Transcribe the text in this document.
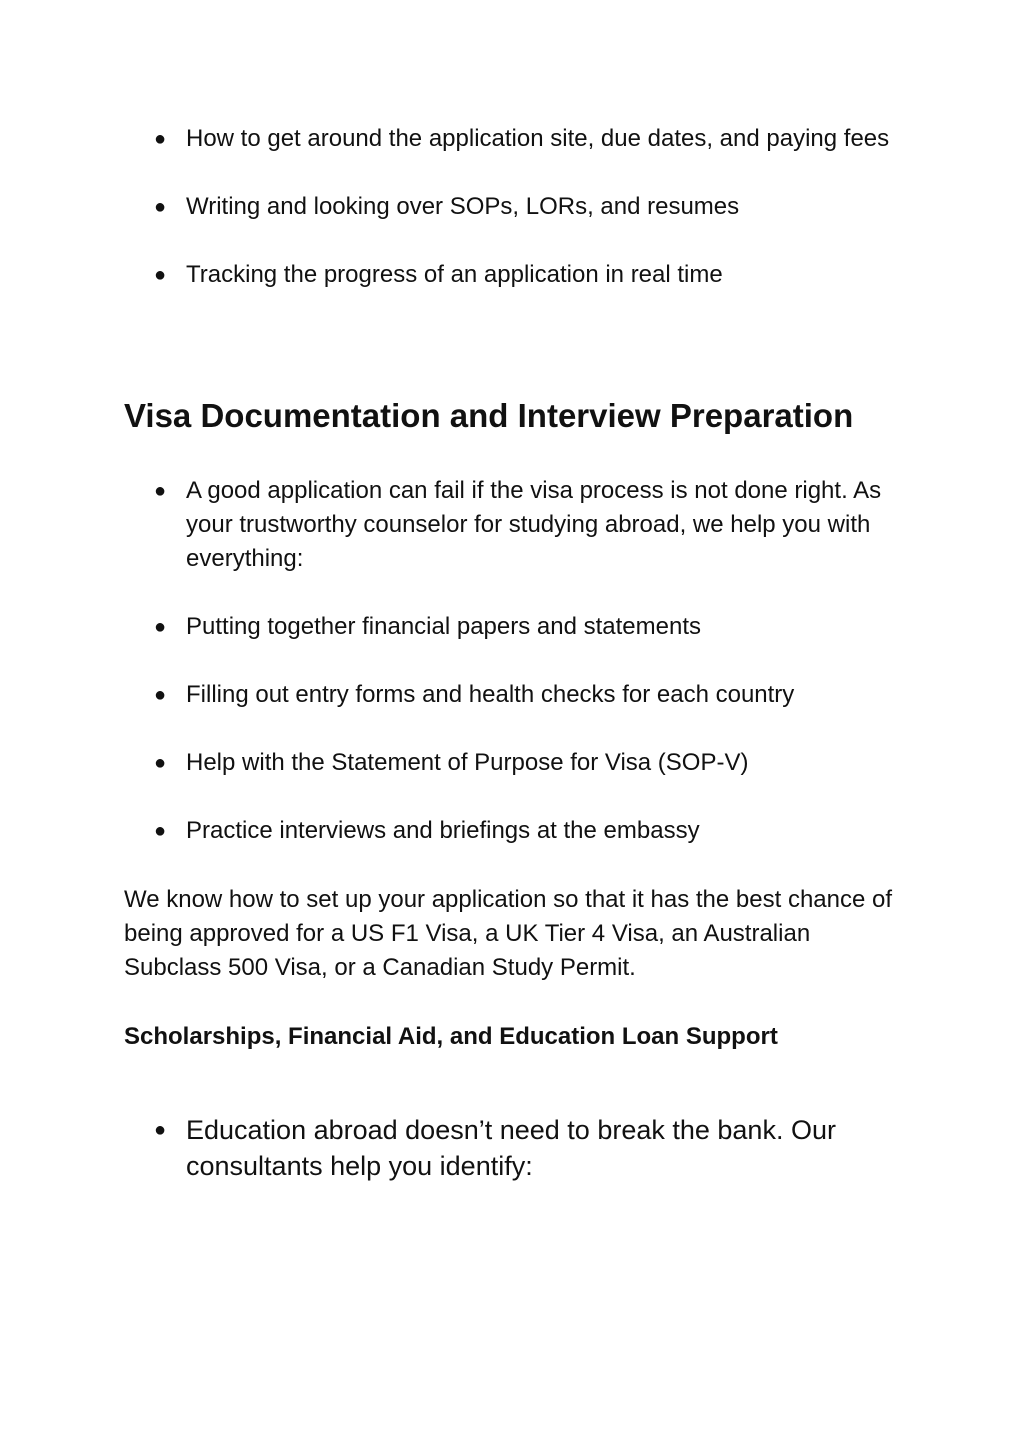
● How to get around the application site, due dates, and paying fees
● Writing and looking over SOPs, LORs, and resumes
● Tracking the progress of an application in real time
Visa Documentation and Interview Preparation
● A good application can fail if the visa process is not done right. As your trustworthy counselor for studying abroad, we help you with everything:
● Putting together financial papers and statements
● Filling out entry forms and health checks for each country
● Help with the Statement of Purpose for Visa (SOP-V)
● Practice interviews and briefings at the embassy

We know how to set up your application so that it has the best chance of being approved for a US F1 Visa, a UK Tier 4 Visa, an Australian Subclass 500 Visa, or a Canadian Study Permit.

Scholarships, Financial Aid, and Education Loan Support
● Education abroad doesn’t need to break the bank. Our consultants help you identify:
